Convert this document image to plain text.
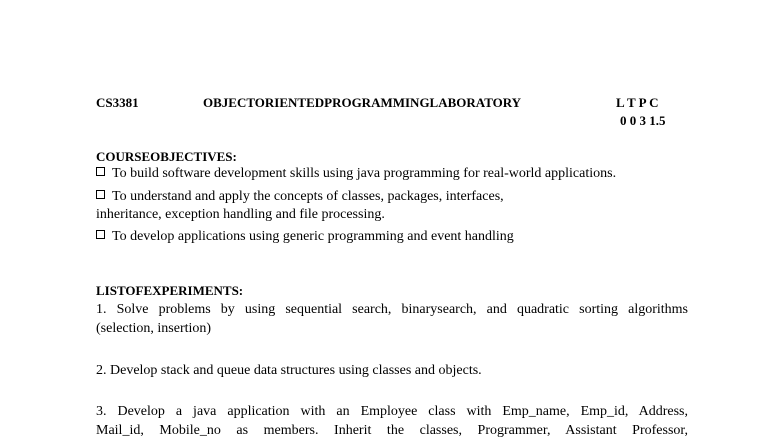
CS3381	OBJECTORIENTEDPROGRAMMINGLABORATORY	L T P C
0 0 3 1.5
COURSEOBJECTIVES:
To build software development skills using java programming for real-world applications.
To understand and apply the concepts of classes, packages, interfaces,
inheritance, exception handling and file processing.
To develop applications using generic programming and event handling
LISTOFEXPERIMENTS:
1. Solve problems by using sequential search, binarysearch, and quadratic sorting algorithms
(selection, insertion)
2. Develop stack and queue data structures using classes and objects.
3. Develop a java application with an Employee class with Emp_name, Emp_id, Address,
Mail_id, Mobile_no as members. Inherit the classes, Programmer, Assistant Professor,
